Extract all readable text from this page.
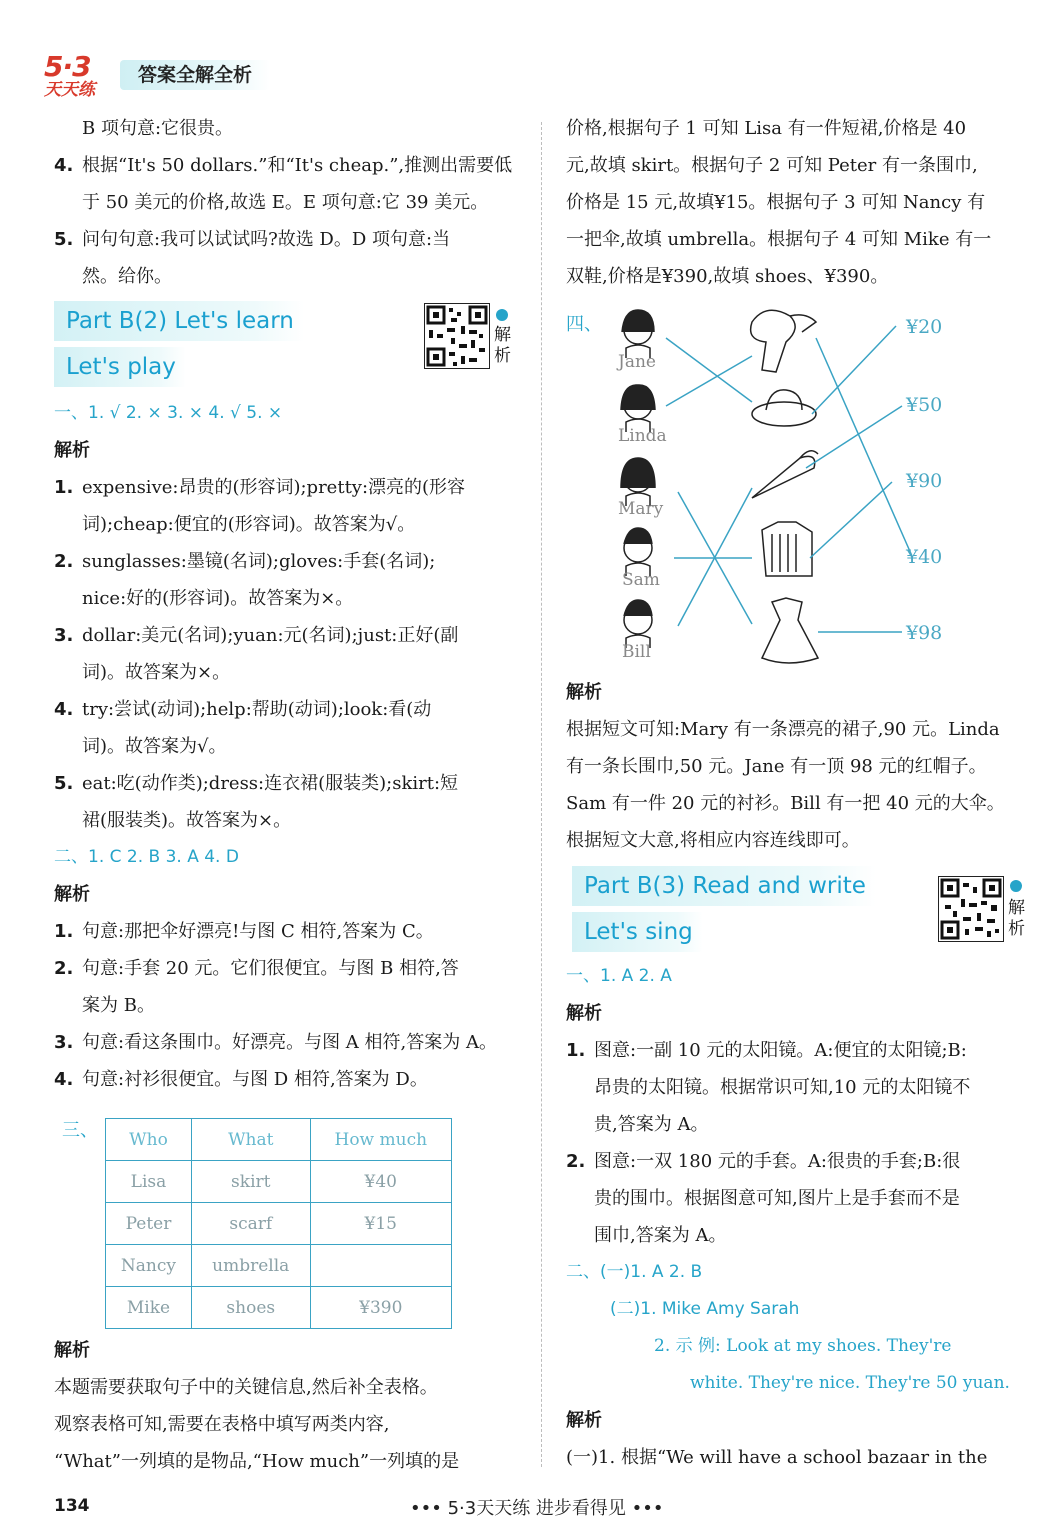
5·3
天天练
答案全解全析
B 项句意:它很贵。
4. 根据“It's 50 dollars.”和“It's cheap.”,推测出需要低
于 50 美元的价格,故选 E。E 项句意:它 39 美元。
5. 问句句意:我可以试试吗?故选 D。D 项句意:当
然。给你。
Part B(2) Let's learn
Let's play
解析
一、1. √ 2. × 3. × 4. √ 5. ×
解析
1. expensive:昂贵的(形容词);pretty:漂亮的(形容
词);cheap:便宜的(形容词)。故答案为√。
2. sunglasses:墨镜(名词);gloves:手套(名词);
nice:好的(形容词)。故答案为×。
3. dollar:美元(名词);yuan:元(名词);just:正好(副
词)。故答案为×。
4. try:尝试(动词);help:帮助(动词);look:看(动
词)。故答案为√。
5. eat:吃(动作类);dress:连衣裙(服装类);skirt:短
裙(服装类)。故答案为×。
二、1. C 2. B 3. A 4. D
解析
1. 句意:那把伞好漂亮!与图 C 相符,答案为 C。
2. 句意:手套 20 元。它们很便宜。与图 B 相符,答
案为 B。
3. 句意:看这条围巾。好漂亮。与图 A 相符,答案为 A。
4. 句意:衬衫很便宜。与图 D 相符,答案为 D。
三、 Who	What	How much
Lisa	skirt	¥40
Peter	scarf	¥15
Nancy	umbrella	
Mike	shoes	¥390
解析
本题需要获取句子中的关键信息,然后补全表格。
观察表格可知,需要在表格中填写两类内容,
“What”一列填的是物品,“How much”一列填的是
价格,根据句子 1 可知 Lisa 有一件短裙,价格是 40
元,故填 skirt。根据句子 2 可知 Peter 有一条围巾,
价格是 15 元,故填¥15。根据句子 3 可知 Nancy 有
一把伞,故填 umbrella。根据句子 4 可知 Mike 有一
双鞋,价格是¥390,故填 shoes、¥390。
四、
Jane
Linda
Mary
Sam
Bill
¥20
¥50
¥90
¥40
¥98
解析
根据短文可知:Mary 有一条漂亮的裙子,90 元。Linda
有一条长围巾,50 元。Jane 有一顶 98 元的红帽子。
Sam 有一件 20 元的衬衫。Bill 有一把 40 元的大伞。
根据短文大意,将相应内容连线即可。
Part B(3) Read and write
Let's sing
解析
一、1. A 2. A
解析
1. 图意:一副 10 元的太阳镜。A:便宜的太阳镜;B:
昂贵的太阳镜。根据常识可知,10 元的太阳镜不
贵,答案为 A。
2. 图意:一双 180 元的手套。A:很贵的手套;B:很
贵的围巾。根据图意可知,图片上是手套而不是
围巾,答案为 A。
二、(一)1. A 2. B
(二)1. Mike Amy Sarah
2. 示 例: Look at my shoes. They're
white. They're nice. They're 50 yuan.
解析
(一)1. 根据“We will have a school bazaar in the
134	••• 5·3天天练 进步看得见 •••
